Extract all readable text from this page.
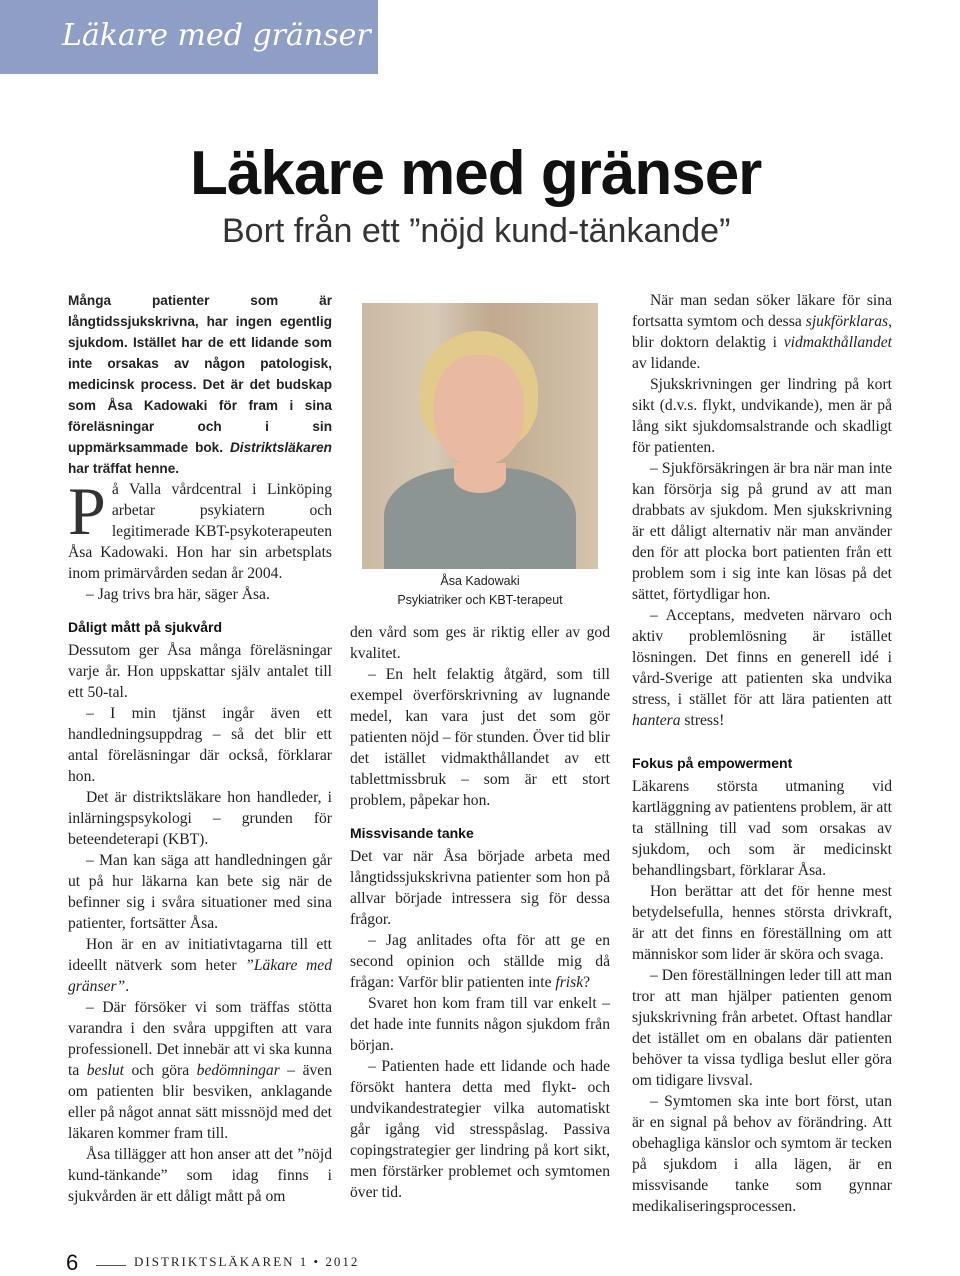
Läkare med gränser
Läkare med gränser
Bort från ett ”nöjd kund-tänkande”

Många patienter som är långtidssjukskrivna, har ingen egentlig sjukdom. Istället har de ett lidande som inte orsakas av någon patologisk, medicinsk process. Det är det budskap som Åsa Kadowaki för fram i sina föreläsningar och i sin uppmärksammade bok. Distriktsläkaren har träffat henne.

På Valla vårdcentral i Linköping arbetar psykiatern och legitimerade KBT-psykoterapeuten Åsa Kadowaki. Hon har sin arbetsplats inom primärvården sedan år 2004.

– Jag trivs bra här, säger Åsa.

Dåligt mått på sjukvård

Dessutom ger Åsa många föreläsningar varje år. Hon uppskattar själv antalet till ett 50-tal.

– I min tjänst ingår även ett handledningsuppdrag – så det blir ett antal föreläsningar där också, förklarar hon.

Det är distriktsläkare hon handleder, i inlärningspsykologi – grunden för beteendeterapi (KBT).

– Man kan säga att handledningen går ut på hur läkarna kan bete sig när de befinner sig i svåra situationer med sina patienter, fortsätter Åsa.

Hon är en av initiativtagarna till ett ideellt nätverk som heter ”Läkare med gränser”.

– Där försöker vi som träffas stötta varandra i den svåra uppgiften att vara professionell. Det innebär att vi ska kunna ta beslut och göra bedömningar – även om patienten blir besviken, anklagande eller på något annat sätt missnöjd med det läkaren kommer fram till.

Åsa tillägger att hon anser att det ”nöjd kund-tänkande” som idag finns i sjukvården är ett dåligt mått på om

Åsa Kadowaki
Psykiatriker och KBT-terapeut

den vård som ges är riktig eller av god kvalitet.

– En helt felaktig åtgärd, som till exempel överförskrivning av lugnande medel, kan vara just det som gör patienten nöjd – för stunden. Över tid blir det istället vidmakthållandet av ett tablettmissbruk – som är ett stort problem, påpekar hon.

Missvisande tanke

Det var när Åsa började arbeta med långtidssjukskrivna patienter som hon på allvar började intressera sig för dessa frågor.

– Jag anlitades ofta för att ge en second opinion och ställde mig då frågan: Varför blir patienten inte frisk?

Svaret hon kom fram till var enkelt – det hade inte funnits någon sjukdom från början.

– Patienten hade ett lidande och hade försökt hantera detta med flykt- och undvikandestrategier vilka automatiskt går igång vid stresspåslag. Passiva copingstrategier ger lindring på kort sikt, men förstärker problemet och symtomen över tid.

När man sedan söker läkare för sina fortsatta symtom och dessa sjukförklaras, blir doktorn delaktig i vidmakthållandet av lidande.

Sjukskrivningen ger lindring på kort sikt (d.v.s. flykt, undvikande), men är på lång sikt sjukdomsalstrande och skadligt för patienten.

– Sjukförsäkringen är bra när man inte kan försörja sig på grund av att man drabbats av sjukdom. Men sjukskrivning är ett dåligt alternativ när man använder den för att plocka bort patienten från ett problem som i sig inte kan lösas på det sättet, förtydligar hon.

– Acceptans, medveten närvaro och aktiv problemlösning är istället lösningen. Det finns en generell idé i vård-Sverige att patienten ska undvika stress, i stället för att lära patienten att hantera stress!

Fokus på empowerment

Läkarens största utmaning vid kartläggning av patientens problem, är att ta ställning till vad som orsakas av sjukdom, och som är medicinskt behandlingsbart, förklarar Åsa.

Hon berättar att det för henne mest betydelsefulla, hennes största drivkraft, är att det finns en föreställning om att människor som lider är sköra och svaga.

– Den föreställningen leder till att man tror att man hjälper patienten genom sjukskrivning från arbetet. Oftast handlar det istället om en obalans där patienten behöver ta vissa tydliga beslut eller göra om tidigare livsval.

– Symtomen ska inte bort först, utan är en signal på behov av förändring. Att obehagliga känslor och symtom är tecken på sjukdom i alla lägen, är en missvisande tanke som gynnar medikaliseringsprocessen.

6	DISTRIKTSLÄKAREN 1 • 2012
